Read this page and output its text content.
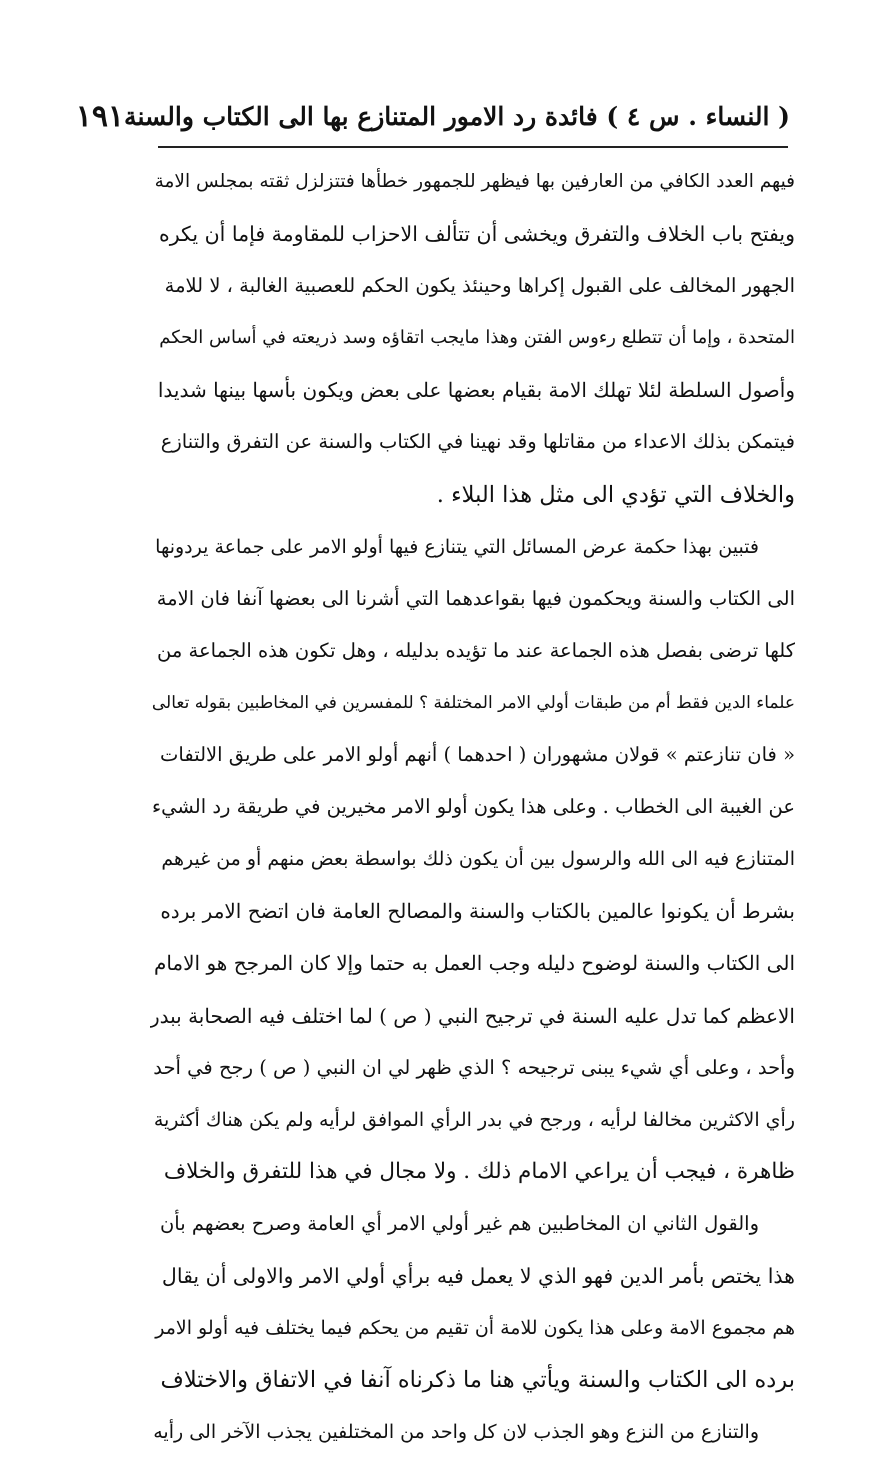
( النساء . س ٤ ) فائدة رد الامور المتنازع بها الى الكتاب والسنة
١٩١
فيهم العدد الكافي من العارفين بها فيظهر للجمهور خطأها فتتزلزل ثقته بمجلس الامة
ويفتح باب الخلاف والتفرق ويخشى أن تتألف الاحزاب للمقاومة فإما أن يكره
الجهور المخالف على القبول إكراها وحينئذ يكون الحكم للعصبية الغالبة ، لا للامة
المتحدة ، وإما أن تتطلع رءوس الفتن وهذا مايجب اتقاؤه وسد ذريعته في أساس الحكم
وأصول السلطة لئلا تهلك الامة بقيام بعضها على بعض ويكون بأسها بينها شديدا
فيتمكن بذلك الاعداء من مقاتلها وقد نهينا في الكتاب والسنة عن التفرق والتنازع
والخلاف التي تؤدي الى مثل هذا البلاء .
فتبين بهذا حكمة عرض المسائل التي يتنازع فيها أولو الامر على جماعة يردونها
الى الكتاب والسنة ويحكمون فيها بقواعدهما التي أشرنا الى بعضها آنفا فان الامة
كلها ترضى بفصل هذه الجماعة عند ما تؤيده بدليله ، وهل تكون هذه الجماعة من
علماء الدين فقط أم من طبقات أولي الامر المختلفة ؟ للمفسرين في المخاطبين بقوله تعالى
« فان تنازعتم » قولان مشهوران ( احدهما ) أنهم أولو الامر على طريق الالتفات
عن الغيبة الى الخطاب . وعلى هذا يكون أولو الامر مخيرين في طريقة رد الشيء
المتنازع فيه الى الله والرسول بين أن يكون ذلك بواسطة بعض منهم أو من غيرهم
بشرط أن يكونوا عالمين بالكتاب والسنة والمصالح العامة فان اتضح الامر برده
الى الكتاب والسنة لوضوح دليله وجب العمل به حتما وإلا كان المرجح هو الامام
الاعظم كما تدل عليه السنة في ترجيح النبي ( ص ) لما اختلف فيه الصحابة ببدر
وأحد ، وعلى أي شيء يبنى ترجيحه ؟ الذي ظهر لي ان النبي ( ص ) رجح في أحد
رأي الاكثرين مخالفا لرأيه ، ورجح في بدر الرأي الموافق لرأيه ولم يكن هناك أكثرية
ظاهرة ، فيجب أن يراعي الامام ذلك . ولا مجال في هذا للتفرق والخلاف
والقول الثاني ان المخاطبين هم غير أولي الامر أي العامة وصرح بعضهم بأن
هذا يختص بأمر الدين فهو الذي لا يعمل فيه برأي أولي الامر والاولى أن يقال
هم مجموع الامة وعلى هذا يكون للامة أن تقيم من يحكم فيما يختلف فيه أولو الامر
برده الى الكتاب والسنة ويأتي هنا ما ذكرناه آنفا في الاتفاق والاختلاف
والتنازع من النزع وهو الجذب لان كل واحد من المختلفين يجذب الآخر الى رأيه
